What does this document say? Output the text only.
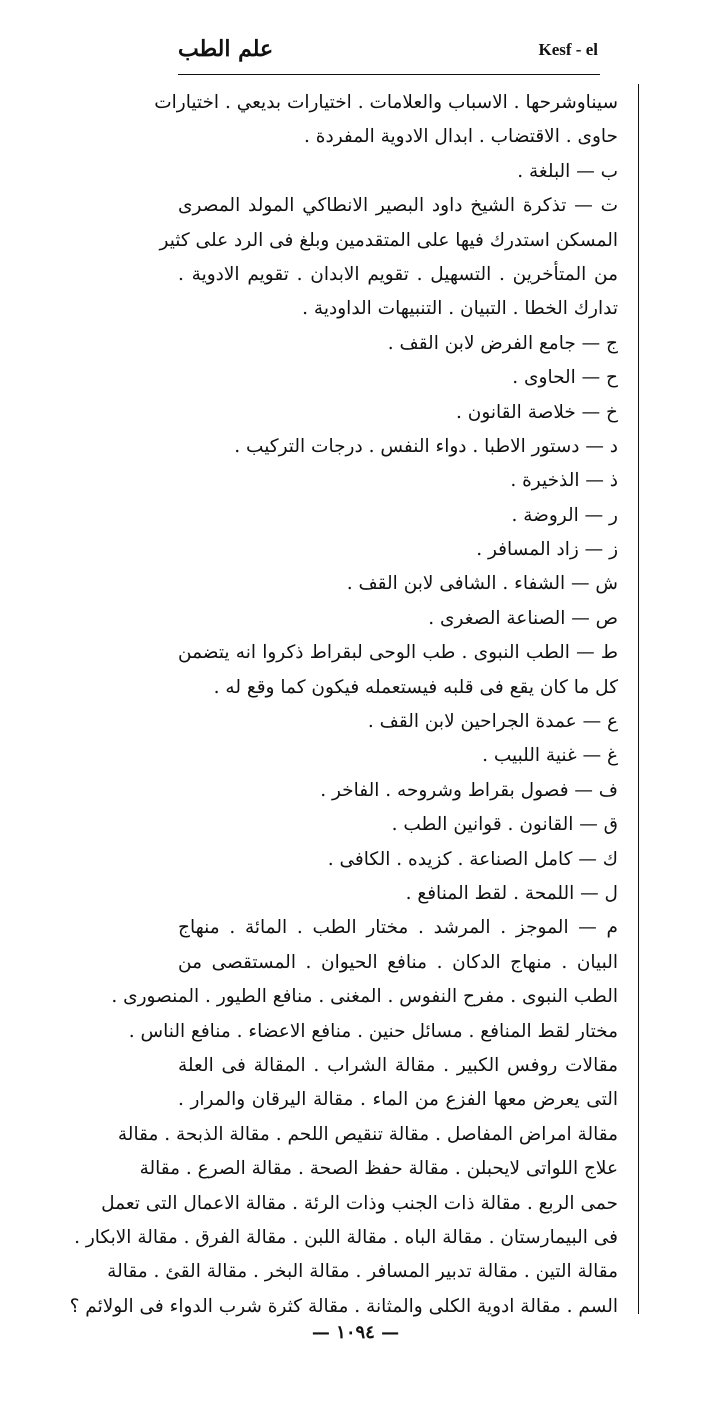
علم الطب	Kesf - el
سيناوشرحها . الاسباب والعلامات . اختيارات بديعي . اختيارات
حاوى . الاقتضاب . ابدال الادوية المفردة .
ب — البلغة .
ت — تذكرة الشيخ داود البصير الانطاكي المولد المصرى
المسكن استدرك فيها على المتقدمين وبلغ فى الرد على كثير
من المتأخرين . التسهيل . تقويم الابدان . تقويم الادوية .
تدارك الخطا . التبيان . التنبيهات الداودية .
ج — جامع الفرض لابن القف .
ح — الحاوى .
خ — خلاصة القانون .
د — دستور الاطبا . دواء النفس . درجات التركيب .
ذ — الذخيرة .
ر — الروضة .
ز — زاد المسافر .
ش — الشفاء . الشافى لابن القف .
ص — الصناعة الصغرى .
ط — الطب النبوى . طب الوحى لبقراط ذكروا انه يتضمن
كل ما كان يقع فى قلبه فيستعمله فيكون كما وقع له .
ع — عمدة الجراحين لابن القف .
غ — غنية اللبيب .
ف — فصول بقراط وشروحه . الفاخر .
ق — القانون . قوانين الطب .
ك — كامل الصناعة . كزيده . الكافى .
ل — اللمحة . لقط المنافع .
م — الموجز . المرشد . مختار الطب . المائة . منهاج
البيان . منهاج الدكان . منافع الحيوان . المستقصى من
الطب النبوى . مفرح النفوس . المغنى . منافع الطيور . المنصورى .
مختار لقط المنافع . مسائل حنين . منافع الاعضاء . منافع الناس .
مقالات روفس الكبير . مقالة الشراب . المقالة فى العلة
التى يعرض معها الفزع من الماء . مقالة اليرقان والمرار .
مقالة امراض المفاصل . مقالة تنقيص اللحم . مقالة الذبحة . مقالة
علاج اللواتى لايحبلن . مقالة حفظ الصحة . مقالة الصرع . مقالة
حمى الربع . مقالة ذات الجنب وذات الرئة . مقالة الاعمال التى تعمل
فى البيمارستان . مقالة الباه . مقالة اللبن . مقالة الفرق . مقالة الابكار .
مقالة التين . مقالة تدبير المسافر . مقالة البخر . مقالة القئ . مقالة
السم . مقالة ادوية الكلى والمثانة . مقالة كثرة شرب الدواء فى الولائم ؟
— ١٠٩٤ —
